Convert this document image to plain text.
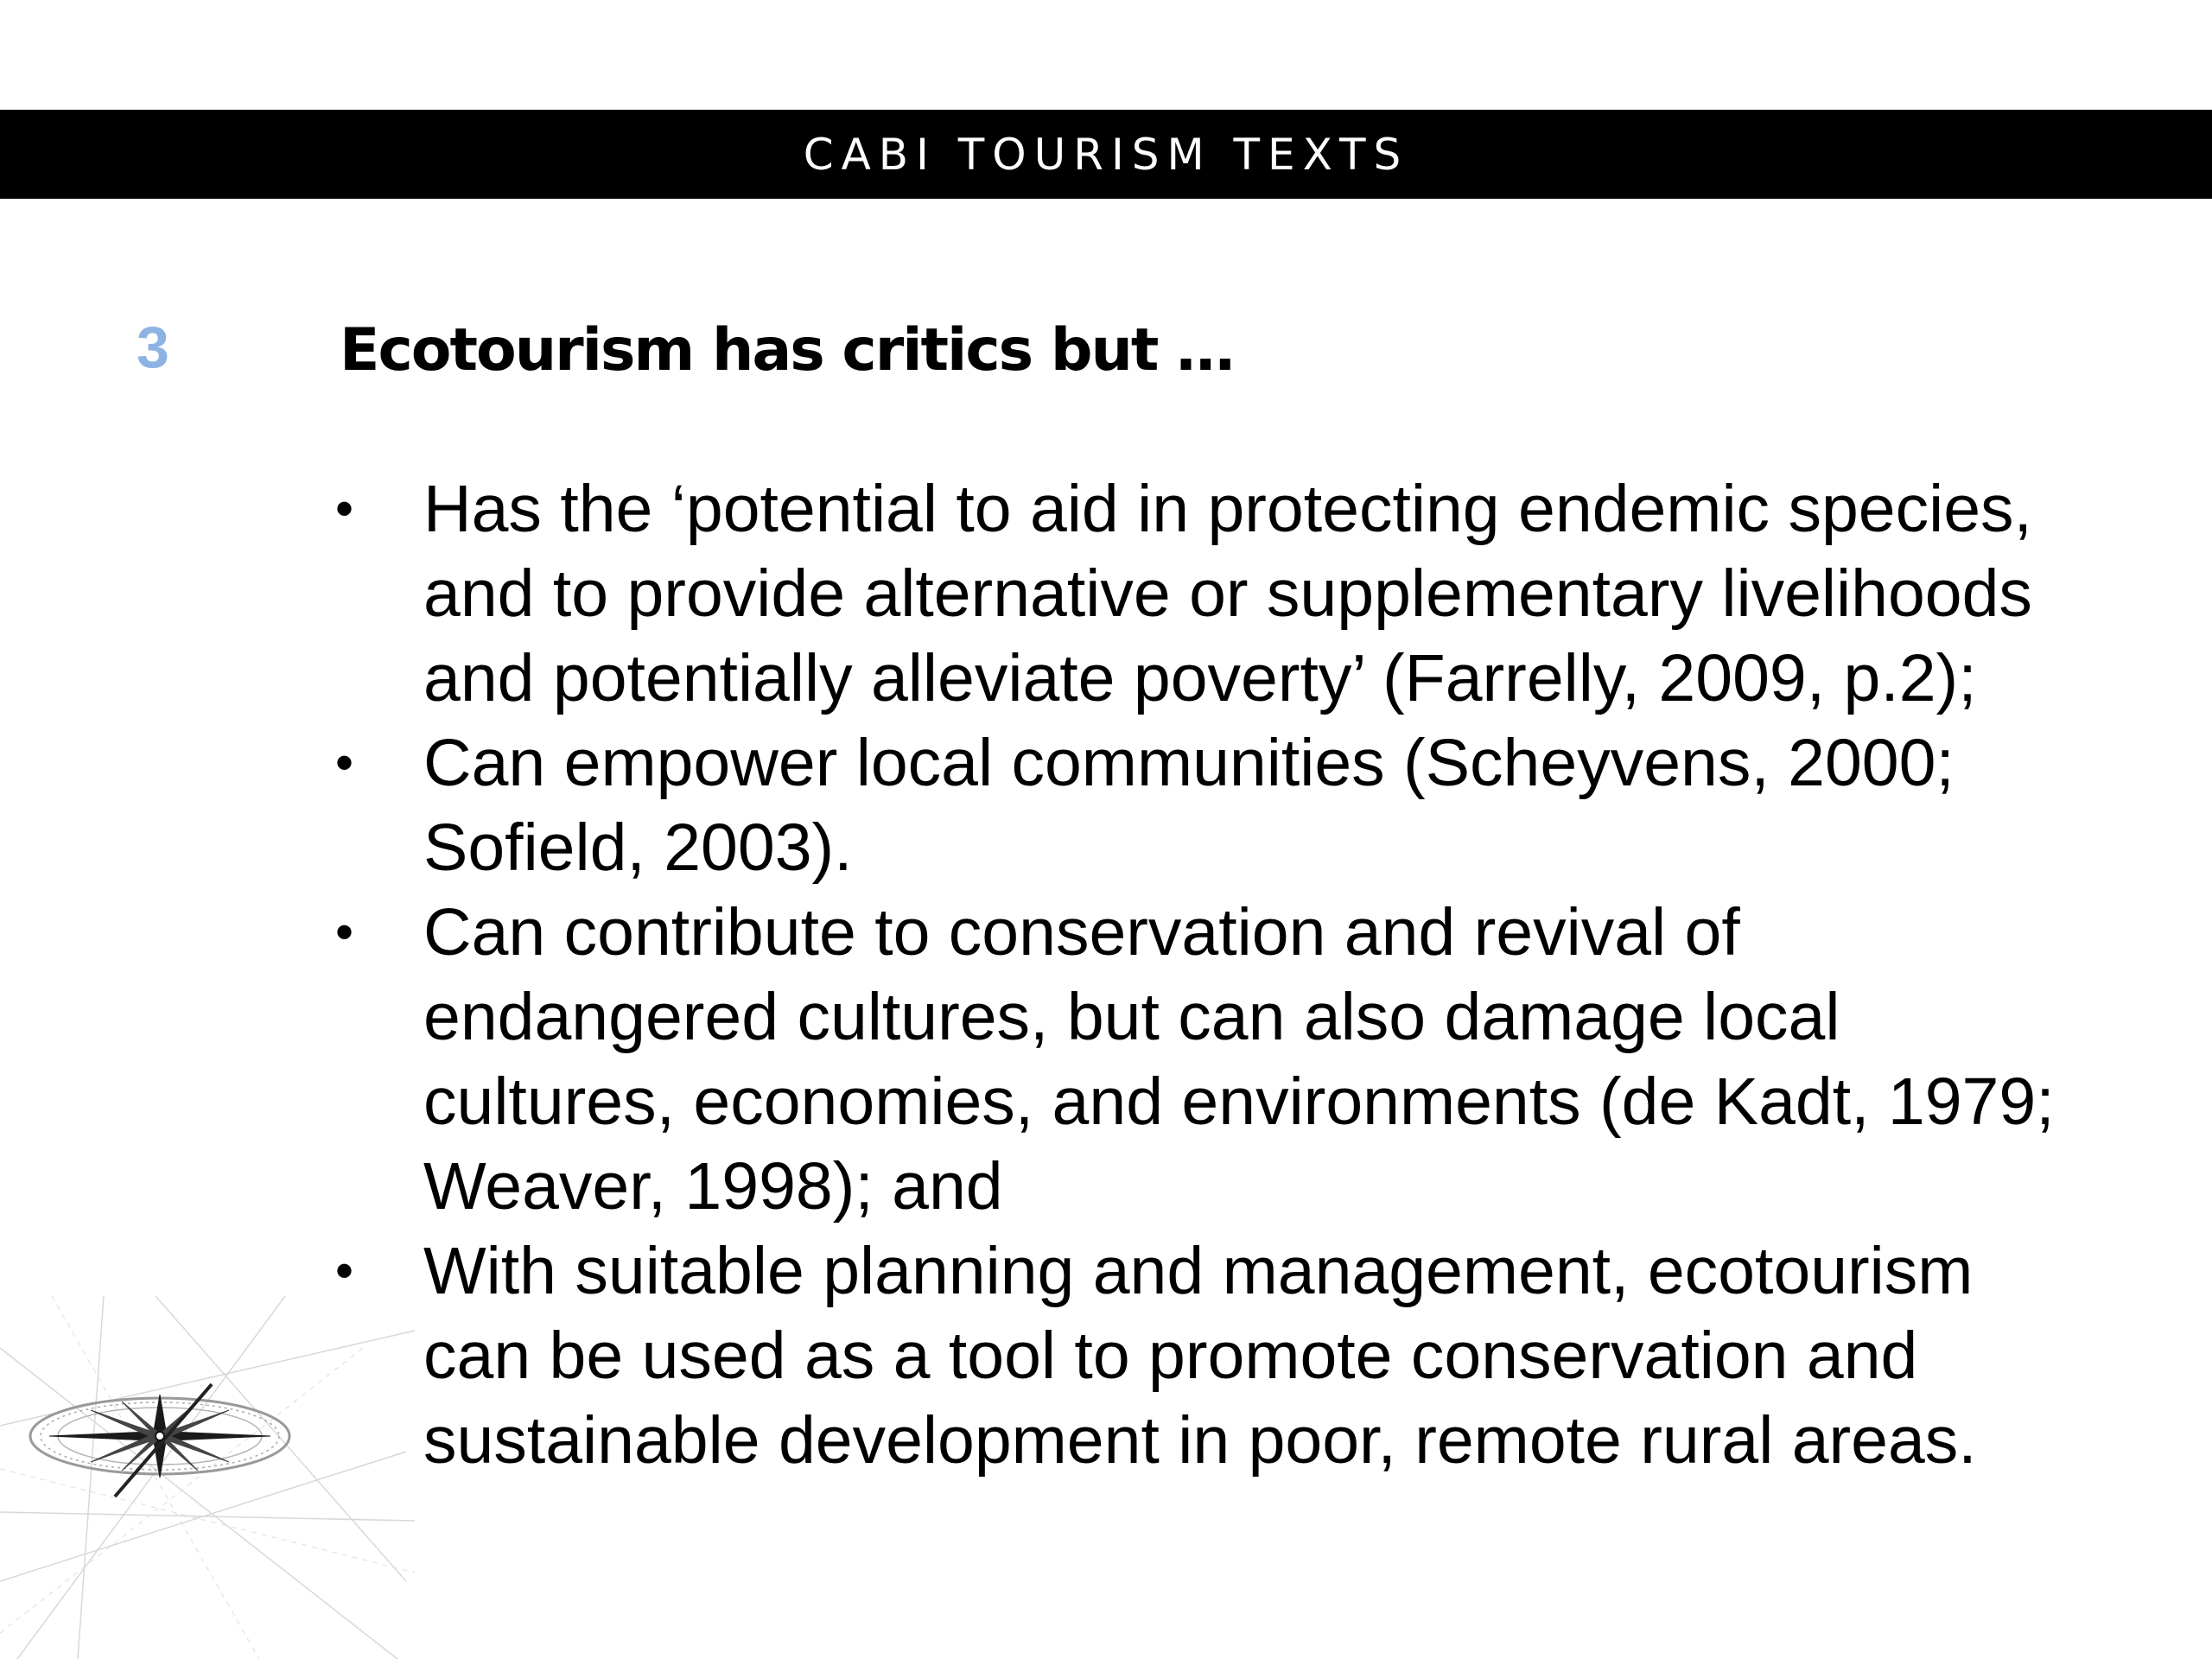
CABI TOURISM TEXTS
3	Ecotourism has critics but …
•	Has the ‘potential to aid in protecting endemic species, and to provide alternative or supplementary livelihoods and potentially alleviate poverty’ (Farrelly, 2009, p.2);
•	Can empower local communities (Scheyvens, 2000; Sofield, 2003).
•	Can contribute to conservation and revival of endangered cultures, but can also damage local cultures, economies, and environments (de Kadt, 1979; Weaver, 1998); and
•	With suitable planning and management, ecotourism can be used as a tool to promote conservation and sustainable development in poor, remote rural areas.
